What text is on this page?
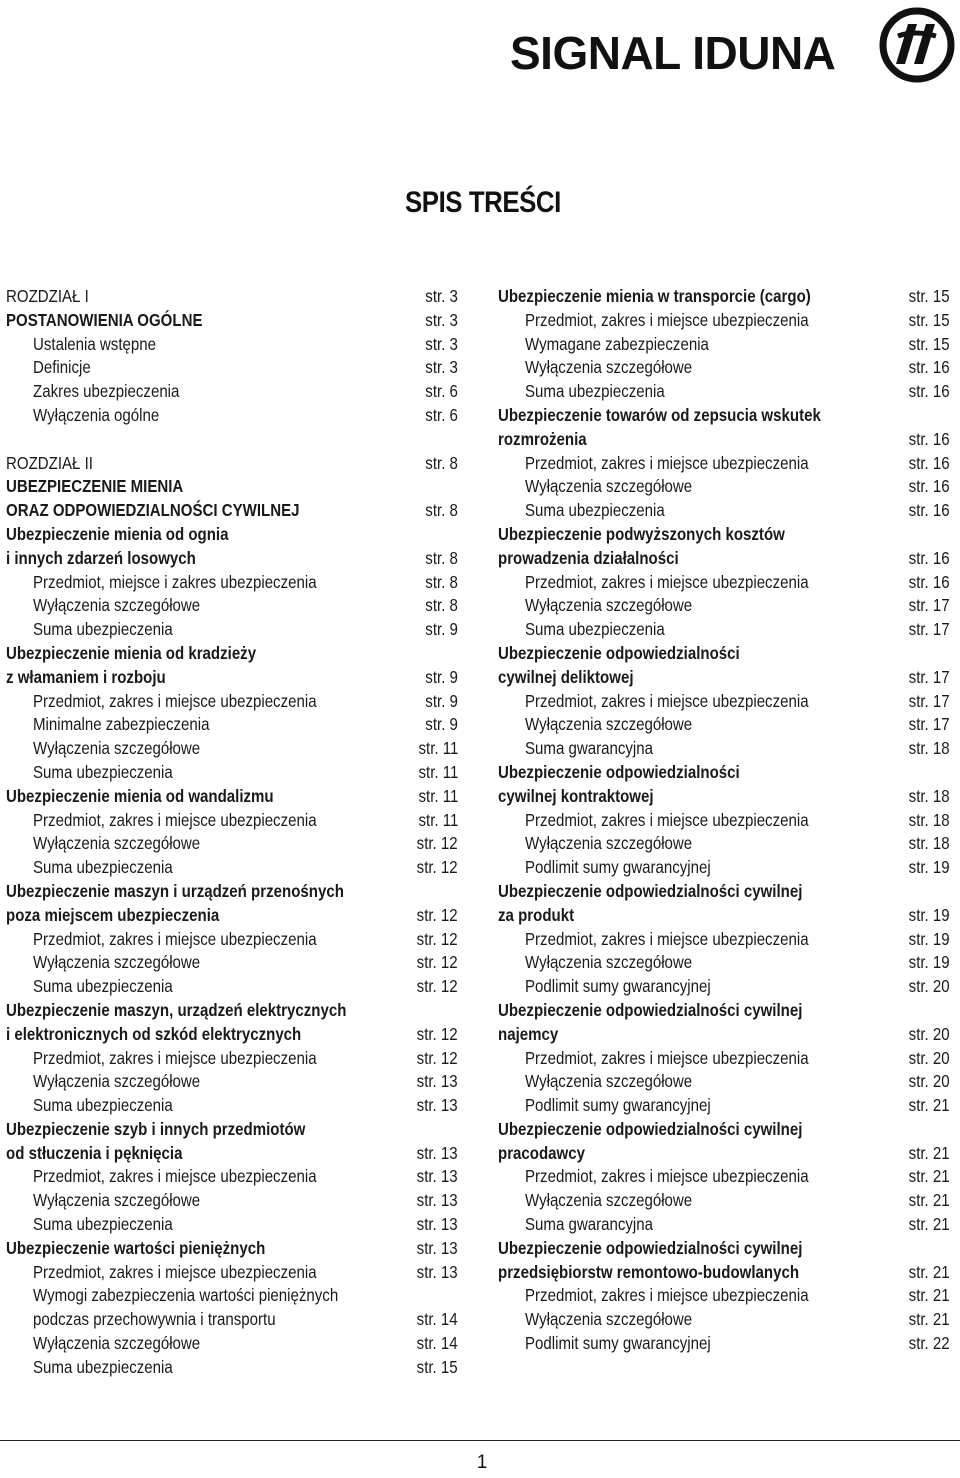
SIGNAL IDUNA
SPIS TREŚCI
ROZDZIAŁ I	str. 3
POSTANOWIENIA OGÓLNE	str. 3
Ustalenia wstępne	str. 3
Definicje	str. 3
Zakres ubezpieczenia	str. 6
Wyłączenia ogólne	str. 6
ROZDZIAŁ II	str. 8
UBEZPIECZENIE MIENIA
ORAZ ODPOWIEDZIALNOŚCI CYWILNEJ	str. 8
Ubezpieczenie mienia od ognia
i innych zdarzeń losowych	str. 8
Przedmiot, miejsce i zakres ubezpieczenia	str. 8
Wyłączenia szczegółowe	str. 8
Suma ubezpieczenia	str. 9
Ubezpieczenie mienia od kradzieży
z włamaniem i rozboju	str. 9
Przedmiot, zakres i miejsce ubezpieczenia	str. 9
Minimalne zabezpieczenia	str. 9
Wyłączenia szczegółowe	str. 11
Suma ubezpieczenia	str. 11
Ubezpieczenie mienia od wandalizmu	str. 11
Przedmiot, zakres i miejsce ubezpieczenia	str. 11
Wyłączenia szczegółowe	str. 12
Suma ubezpieczenia	str. 12
Ubezpieczenie maszyn i urządzeń przenośnych
poza miejscem ubezpieczenia	str. 12
Przedmiot, zakres i miejsce ubezpieczenia	str. 12
Wyłączenia szczegółowe	str. 12
Suma ubezpieczenia	str. 12
Ubezpieczenie maszyn, urządzeń elektrycznych
i elektronicznych od szkód elektrycznych	str. 12
Przedmiot, zakres i miejsce ubezpieczenia	str. 12
Wyłączenia szczegółowe	str. 13
Suma ubezpieczenia	str. 13
Ubezpieczenie szyb i innych przedmiotów
od stłuczenia i pęknięcia	str. 13
Przedmiot, zakres i miejsce ubezpieczenia	str. 13
Wyłączenia szczegółowe	str. 13
Suma ubezpieczenia	str. 13
Ubezpieczenie wartości pieniężnych	str. 13
Przedmiot, zakres i miejsce ubezpieczenia	str. 13
Wymogi zabezpieczenia wartości pieniężnych
podczas przechowywnia i transportu	str. 14
Wyłączenia szczegółowe	str. 14
Suma ubezpieczenia	str. 15
Ubezpieczenie mienia w transporcie (cargo)	str. 15
Przedmiot, zakres i miejsce ubezpieczenia	str. 15
Wymagane zabezpieczenia	str. 15
Wyłączenia szczegółowe	str. 16
Suma ubezpieczenia	str. 16
Ubezpieczenie towarów od zepsucia wskutek
rozmrożenia	str. 16
Przedmiot, zakres i miejsce ubezpieczenia	str. 16
Wyłączenia szczegółowe	str. 16
Suma ubezpieczenia	str. 16
Ubezpieczenie podwyższonych kosztów
prowadzenia działalności	str. 16
Przedmiot, zakres i miejsce ubezpieczenia	str. 16
Wyłączenia szczegółowe	str. 17
Suma ubezpieczenia	str. 17
Ubezpieczenie odpowiedzialności
cywilnej deliktowej	str. 17
Przedmiot, zakres i miejsce ubezpieczenia	str. 17
Wyłączenia szczegółowe	str. 17
Suma gwarancyjna	str. 18
Ubezpieczenie odpowiedzialności
cywilnej kontraktowej	str. 18
Przedmiot, zakres i miejsce ubezpieczenia	str. 18
Wyłączenia szczegółowe	str. 18
Podlimit sumy gwarancyjnej	str. 19
Ubezpieczenie odpowiedzialności cywilnej
za produkt	str. 19
Przedmiot, zakres i miejsce ubezpieczenia	str. 19
Wyłączenia szczegółowe	str. 19
Podlimit sumy gwarancyjnej	str. 20
Ubezpieczenie odpowiedzialności cywilnej
najemcy	str. 20
Przedmiot, zakres i miejsce ubezpieczenia	str. 20
Wyłączenia szczegółowe	str. 20
Podlimit sumy gwarancyjnej	str. 21
Ubezpieczenie odpowiedzialności cywilnej
pracodawcy	str. 21
Przedmiot, zakres i miejsce ubezpieczenia	str. 21
Wyłączenia szczegółowe	str. 21
Suma gwarancyjna	str. 21
Ubezpieczenie odpowiedzialności cywilnej
przedsiębiorstw remontowo-budowlanych	str. 21
Przedmiot, zakres i miejsce ubezpieczenia	str. 21
Wyłączenia szczegółowe	str. 21
Podlimit sumy gwarancyjnej	str. 22
1
